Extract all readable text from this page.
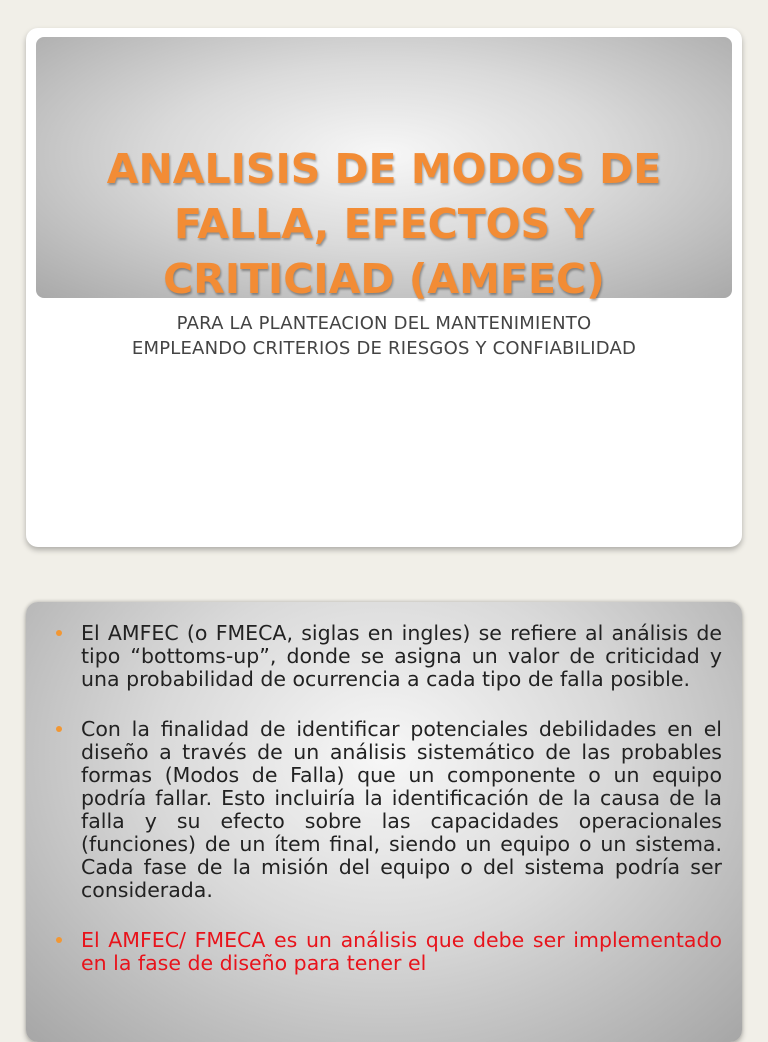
ANALISIS DE MODOS DE
FALLA, EFECTOS Y
CRITICIAD (AMFEC)
PARA LA PLANTEACION DEL MANTENIMIENTO
EMPLEANDO CRITERIOS DE RIESGOS Y CONFIABILIDAD
El AMFEC (o FMECA, siglas en ingles) se refiere al análisis de tipo “bottoms-up”, donde se asigna un valor de criticidad y una probabilidad de ocurrencia a cada tipo de falla posible.
Con la finalidad de identificar potenciales debilidades en el diseño a través de un análisis sistemático de las probables formas (Modos de Falla) que un componente o un equipo podría fallar. Esto incluiría la identificación de la causa de la falla y su efecto sobre las capacidades operacionales (funciones) de un ítem final, siendo un equipo o un sistema. Cada fase de la misión del equipo o del sistema podría ser considerada.
El AMFEC/ FMECA es un análisis que debe ser implementado en la fase de diseño para tener el
